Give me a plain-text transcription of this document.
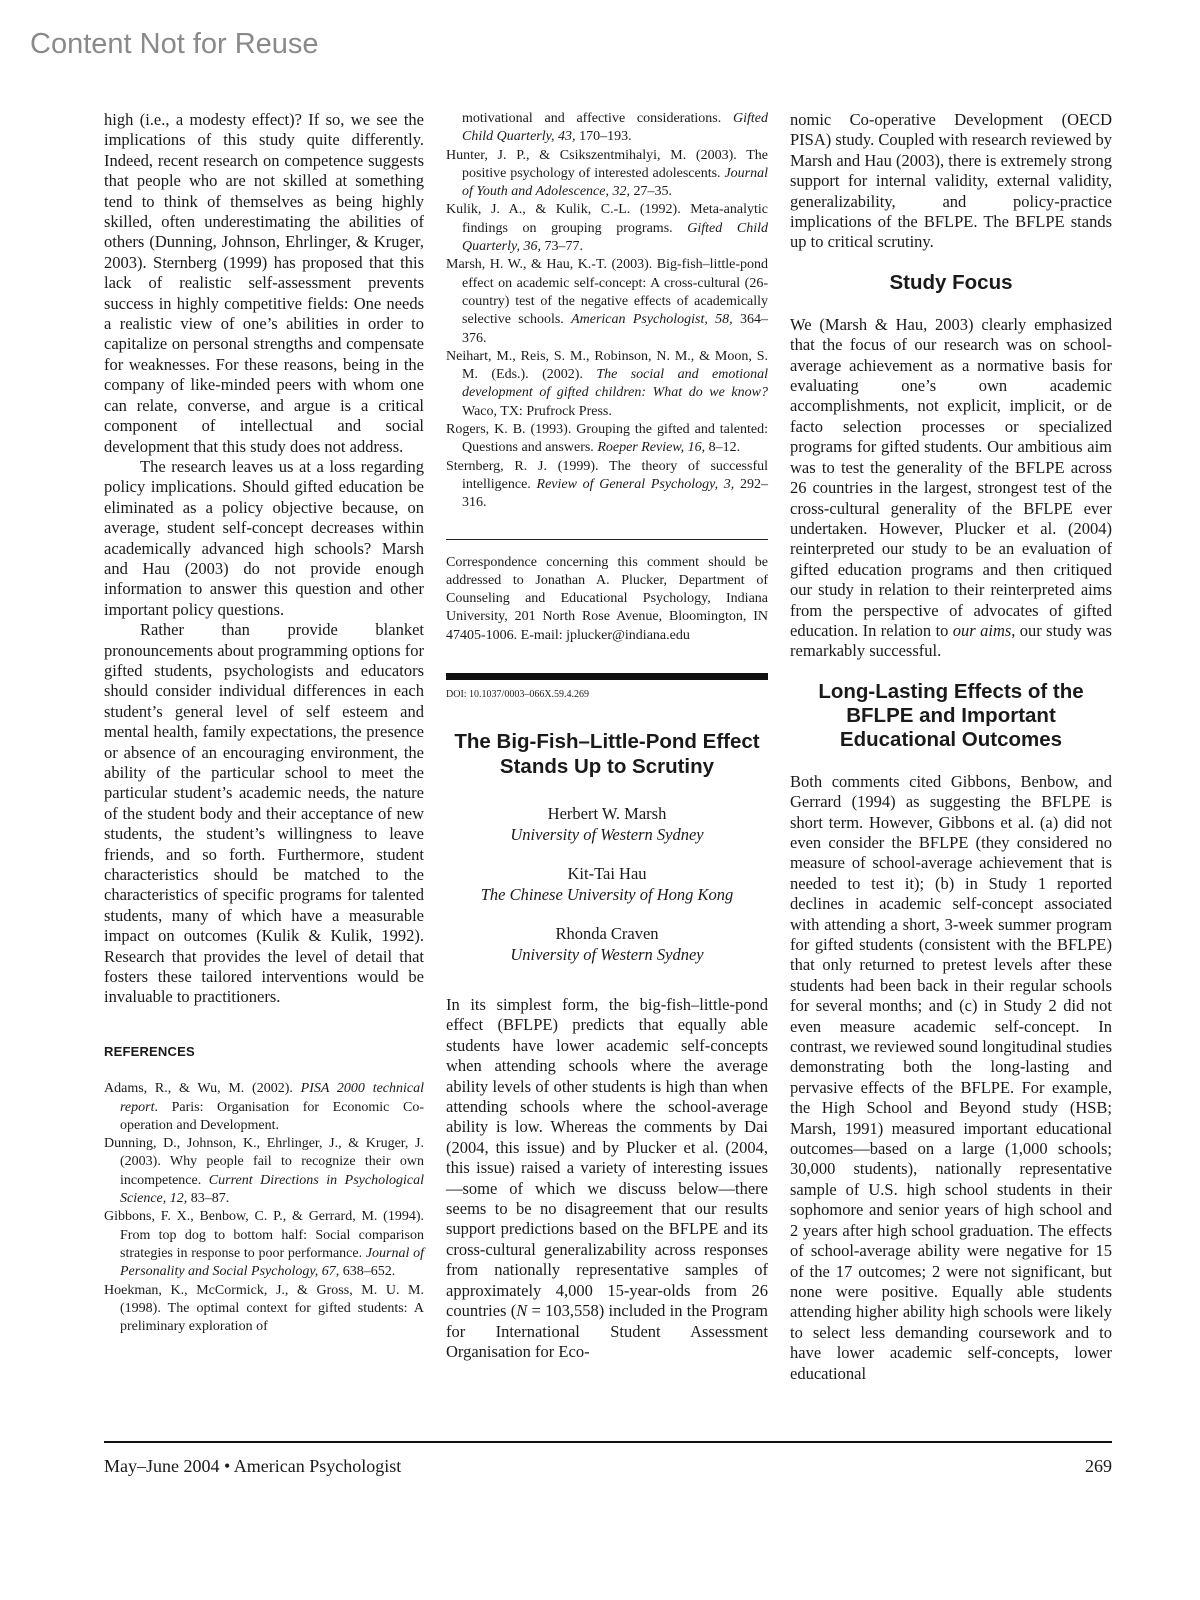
Content Not for Reuse

high (i.e., a modesty effect)? If so, we see the implications of this study quite differently. Indeed, recent research on competence suggests that people who are not skilled at something tend to think of themselves as being highly skilled, often underestimating the abilities of others (Dunning, Johnson, Ehrlinger, & Kruger, 2003). Sternberg (1999) has proposed that this lack of realistic self-assessment prevents success in highly competitive fields: One needs a realistic view of one’s abilities in order to capitalize on personal strengths and compensate for weaknesses. For these reasons, being in the company of like-minded peers with whom one can relate, converse, and argue is a critical component of intellectual and social development that this study does not address.

The research leaves us at a loss regarding policy implications. Should gifted education be eliminated as a policy objective because, on average, student self-concept decreases within academically advanced high schools? Marsh and Hau (2003) do not provide enough information to answer this question and other important policy questions.

Rather than provide blanket pronouncements about programming options for gifted students, psychologists and educators should consider individual differences in each student’s general level of self esteem and mental health, family expectations, the presence or absence of an encouraging environment, the ability of the particular school to meet the particular student’s academic needs, the nature of the student body and their acceptance of new students, the student’s willingness to leave friends, and so forth. Furthermore, student characteristics should be matched to the characteristics of specific programs for talented students, many of which have a measurable impact on outcomes (Kulik & Kulik, 1992). Research that provides the level of detail that fosters these tailored interventions would be invaluable to practitioners.

REFERENCES

Adams, R., & Wu, M. (2002). PISA 2000 technical report. Paris: Organisation for Economic Co-operation and Development.

Dunning, D., Johnson, K., Ehrlinger, J., & Kruger, J. (2003). Why people fail to recognize their own incompetence. Current Directions in Psychological Science, 12, 83–87.

Gibbons, F. X., Benbow, C. P., & Gerrard, M. (1994). From top dog to bottom half: Social comparison strategies in response to poor performance. Journal of Personality and Social Psychology, 67, 638–652.

Hoekman, K., McCormick, J., & Gross, M. U. M. (1998). The optimal context for gifted students: A preliminary exploration of

motivational and affective considerations. Gifted Child Quarterly, 43, 170–193.

Hunter, J. P., & Csikszentmihalyi, M. (2003). The positive psychology of interested adolescents. Journal of Youth and Adolescence, 32, 27–35.

Kulik, J. A., & Kulik, C.-L. (1992). Meta-analytic findings on grouping programs. Gifted Child Quarterly, 36, 73–77.

Marsh, H. W., & Hau, K.-T. (2003). Big-fish–little-pond effect on academic self-concept: A cross-cultural (26-country) test of the negative effects of academically selective schools. American Psychologist, 58, 364–376.

Neihart, M., Reis, S. M., Robinson, N. M., & Moon, S. M. (Eds.). (2002). The social and emotional development of gifted children: What do we know? Waco, TX: Prufrock Press.

Rogers, K. B. (1993). Grouping the gifted and talented: Questions and answers. Roeper Review, 16, 8–12.

Sternberg, R. J. (1999). The theory of successful intelligence. Review of General Psychology, 3, 292–316.

Correspondence concerning this comment should be addressed to Jonathan A. Plucker, Department of Counseling and Educational Psychology, Indiana University, 201 North Rose Avenue, Bloomington, IN 47405-1006. E-mail: jplucker@indiana.edu

DOI: 10.1037/0003–066X.59.4.269
The Big-Fish–Little-Pond Effect Stands Up to Scrutiny

Herbert W. Marsh

University of Western Sydney

Kit-Tai Hau

The Chinese University of Hong Kong

Rhonda Craven

University of Western Sydney

In its simplest form, the big-fish–little-pond effect (BFLPE) predicts that equally able students have lower academic self-concepts when attending schools where the average ability levels of other students is high than when attending schools where the school-average ability is low. Whereas the comments by Dai (2004, this issue) and by Plucker et al. (2004, this issue) raised a variety of interesting issues—some of which we discuss below—there seems to be no disagreement that our results support predictions based on the BFLPE and its cross-cultural generalizability across responses from nationally representative samples of approximately 4,000 15-year-olds from 26 countries (N = 103,558) included in the Program for International Student Assessment Organisation for Eco-

nomic Co-operative Development (OECD PISA) study. Coupled with research reviewed by Marsh and Hau (2003), there is extremely strong support for internal validity, external validity, generalizability, and policy-practice implications of the BFLPE. The BFLPE stands up to critical scrutiny.

Study Focus

We (Marsh & Hau, 2003) clearly emphasized that the focus of our research was on school-average achievement as a normative basis for evaluating one’s own academic accomplishments, not explicit, implicit, or de facto selection processes or specialized programs for gifted students. Our ambitious aim was to test the generality of the BFLPE across 26 countries in the largest, strongest test of the cross-cultural generality of the BFLPE ever undertaken. However, Plucker et al. (2004) reinterpreted our study to be an evaluation of gifted education programs and then critiqued our study in relation to their reinterpreted aims from the perspective of advocates of gifted education. In relation to our aims, our study was remarkably successful.

Long-Lasting Effects of the BFLPE and Important Educational Outcomes

Both comments cited Gibbons, Benbow, and Gerrard (1994) as suggesting the BFLPE is short term. However, Gibbons et al. (a) did not even consider the BFLPE (they considered no measure of school-average achievement that is needed to test it); (b) in Study 1 reported declines in academic self-concept associated with attending a short, 3-week summer program for gifted students (consistent with the BFLPE) that only returned to pretest levels after these students had been back in their regular schools for several months; and (c) in Study 2 did not even measure academic self-concept. In contrast, we reviewed sound longitudinal studies demonstrating both the long-lasting and pervasive effects of the BFLPE. For example, the High School and Beyond study (HSB; Marsh, 1991) measured important educational outcomes—based on a large (1,000 schools; 30,000 students), nationally representative sample of U.S. high school students in their sophomore and senior years of high school and 2 years after high school graduation. The effects of school-average ability were negative for 15 of the 17 outcomes; 2 were not significant, but none were positive. Equally able students attending higher ability high schools were likely to select less demanding coursework and to have lower academic self-concepts, lower educational

May–June 2004 • American Psychologist	269
